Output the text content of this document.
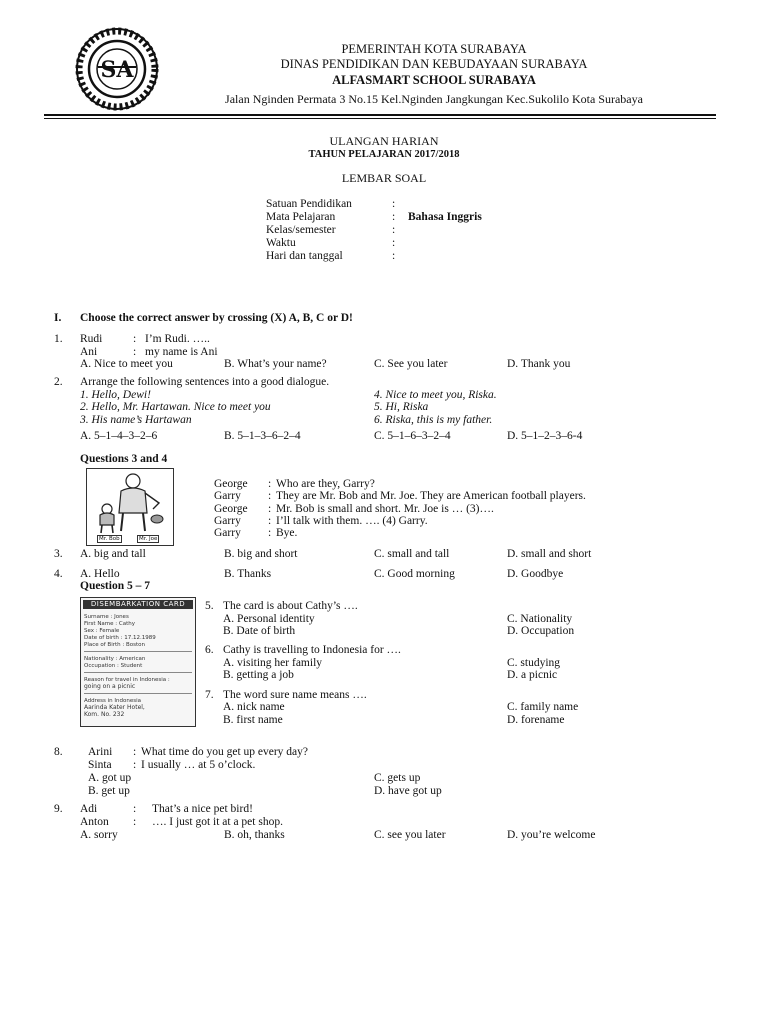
SA
PEMERINTAH KOTA SURABAYA
DINAS PENDIDIKAN DAN KEBUDAYAAN SURABAYA
ALFASMART SCHOOL SURABAYA
Jalan Nginden Permata 3 No.15 Kel.Nginden Jangkungan Kec.Sukolilo Kota Surabaya
ULANGAN HARIAN
TAHUN PELAJARAN 2017/2018
LEMBAR SOAL
Satuan Pendidikan	:
Mata Pelajaran	: Bahasa Inggris
Kelas/semester	:
Waktu	:
Hari dan tanggal	:
I. Choose the correct answer by crossing (X) A, B, C or D!
1. Rudi	: I’m Rudi. …..
Ani	: my name is Ani
A. Nice to meet you	B. What’s your name?	C. See you later	D. Thank you
2. Arrange the following sentences into a good dialogue.
1. Hello, Dewi!
2. Hello, Mr. Hartawan. Nice to meet you
3. His name’s Hartawan
4. Nice to meet you, Riska.
5. Hi, Riska
6. Riska, this is my father.
A. 5–1–4–3–2–6	B. 5–1–3–6–2–4	C. 5–1–6–3–2–4	D. 5–1–2–3–6-4
Questions 3 and 4
Mr. Bob	Mr. Joe
George : Who are they, Garry?
Garry : They are Mr. Bob and Mr. Joe. They are American football players.
George : Mr. Bob is small and short. Mr. Joe is … (3)….
Garry : I’ll talk with them. …. (4) Garry.
Garry : Bye.
3. A. big and tall	B. big and short	C. small and tall	D. small and short
4. A. Hello	B. Thanks	C. Good morning	D. Goodbye
Question 5 – 7
DISEMBARKATION CARD
Surname : Jones
First Name : Cathy
Sex : Female
Date of birth : 17.12.1989
Place of Birth : Boston
Nationality : American
Occupation : Student
Reason for travel in Indonesia :
going on a picnic
Address in Indonesia
Aarinda Kater Hotel,
Kom. No. 232
5. The card is about Cathy’s ….
A. Personal identity	C. Nationality
B. Date of birth	D. Occupation
6. Cathy is travelling to Indonesia for ….
A. visiting her family	C. studying
B. getting a job	D. a picnic
7. The word sure name means ….
A. nick name	C. family name
B. first name	D. forename
8. Arini : What time do you get up every day?
Sinta : I usually … at 5 o’clock.
A. got up	C. gets up
B. get up	D. have got up
9. Adi	: That’s a nice pet bird!
Anton : …. I just got it at a pet shop.
A. sorry	B. oh, thanks	C. see you later	D. you’re welcome
